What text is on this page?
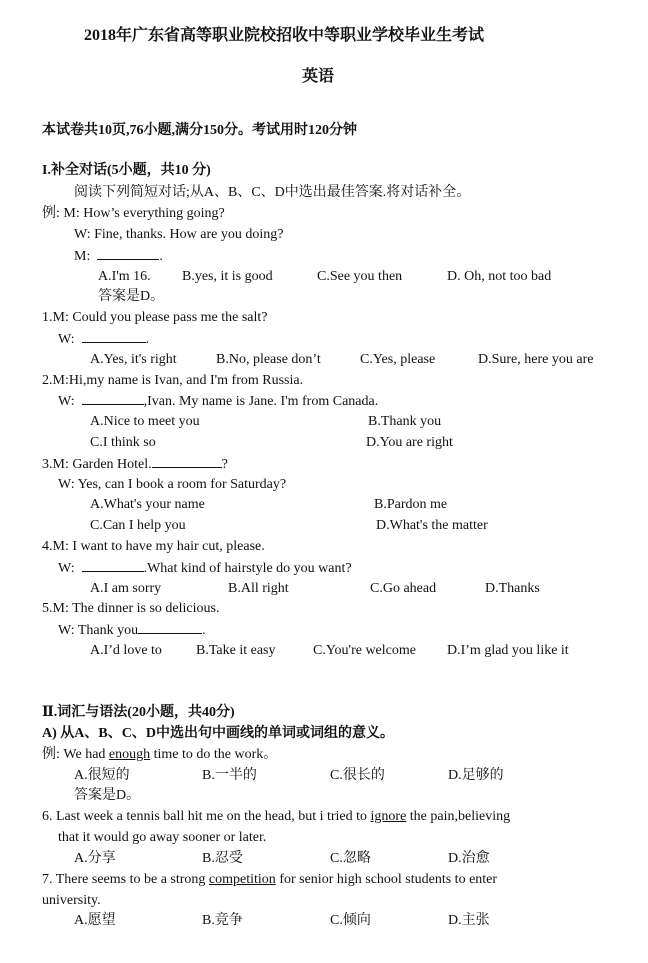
2018年广东省高等职业院校招收中等职业学校毕业生考试
英语
本试卷共10页,76小题,满分150分。考试用时120分钟
I.补全对话(5小题，共10 分)
阅读下列简短对话;从A、B、C、D中选出最佳答案.将对话补全。
例: M: How’s everything going?
W: Fine, thanks. How are you doing?
M:	.
A.I'm 16. B.yes, it is good	C.See you then	D. Oh, not too bad
答案是D。
1.M: Could you please pass me the salt?
W:	.
A.Yes, it's right	B.No, please don’t	C.Yes, please	D.Sure, here you are
2.M:Hi,my name is Ivan, and I'm from Russia.
W:	,Ivan. My name is Jane. I'm from Canada.
A.Nice to meet you	B.Thank you
C.I think so	D.You are right
3.M: Garden Hotel.	?
W: Yes, can I book a room for Saturday?
A.What's your name	B.Pardon me
C.Can I help you	D.What's the matter
4.M: I want to have my hair cut, please.
W:	.What kind of hairstyle do you want?
A.I am sorry	B.All right	C.Go ahead	D.Thanks
5.M: The dinner is so delicious.
W: Thank you	.
A.I’d love to B.Take it easy	C.You're welcome D.I’m glad you like it
Ⅱ.词汇与语法(20小题，共40分)
A) 从A、B、C、D中选出句中画线的单词或词组的意义。
例: We had enough time to do the work。
A.很短的	B.一半的	C.很长的	D.足够的
答案是D。
6. Last week a tennis ball hit me on the head, but i tried to ignore the pain,believing
that it would go away sooner or later.
A.分享	B.忍受	C.忽略	D.治愈
7. There seems to be a strong competition for senior high school students to enter
university.
A.愿望	B.竞争	C.倾向	D.主张
